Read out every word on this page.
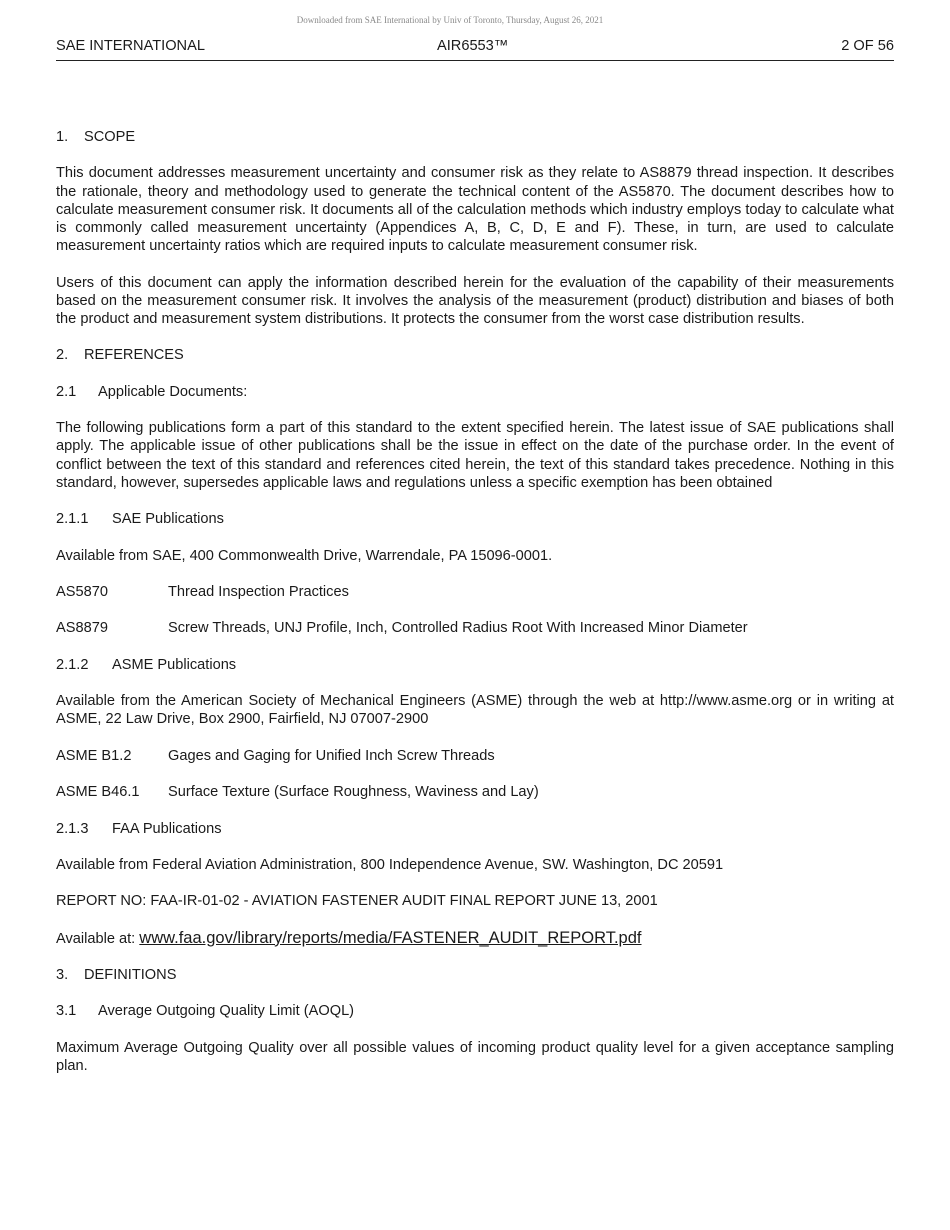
Downloaded from SAE International by Univ of Toronto, Thursday, August 26, 2021
SAE INTERNATIONAL	AIR6553™	2 OF 56

1. SCOPE

This document addresses measurement uncertainty and consumer risk as they relate to AS8879 thread inspection. It describes the rationale, theory and methodology used to generate the technical content of the AS5870. The document describes how to calculate measurement consumer risk. It documents all of the calculation methods which industry employs today to calculate what is commonly called measurement uncertainty (Appendices A, B, C, D, E and F). These, in turn, are used to calculate measurement uncertainty ratios which are required inputs to calculate measurement consumer risk.

Users of this document can apply the information described herein for the evaluation of the capability of their measurements based on the measurement consumer risk. It involves the analysis of the measurement (product) distribution and biases of both the product and measurement system distributions. It protects the consumer from the worst case distribution results.

2. REFERENCES

2.1 Applicable Documents:

The following publications form a part of this standard to the extent specified herein. The latest issue of SAE publications shall apply. The applicable issue of other publications shall be the issue in effect on the date of the purchase order. In the event of conflict between the text of this standard and references cited herein, the text of this standard takes precedence. Nothing in this standard, however, supersedes applicable laws and regulations unless a specific exemption has been obtained

2.1.1 SAE Publications

Available from SAE, 400 Commonwealth Drive, Warrendale, PA 15096-0001.

AS5870	Thread Inspection Practices

AS8879	Screw Threads, UNJ Profile, Inch, Controlled Radius Root With Increased Minor Diameter

2.1.2 ASME Publications

Available from the American Society of Mechanical Engineers (ASME) through the web at http://www.asme.org or in writing at ASME, 22 Law Drive, Box 2900, Fairfield, NJ 07007-2900

ASME B1.2	Gages and Gaging for Unified Inch Screw Threads

ASME B46.1 Surface Texture (Surface Roughness, Waviness and Lay)

2.1.3 FAA Publications

Available from Federal Aviation Administration, 800 Independence Avenue, SW. Washington, DC 20591

REPORT NO: FAA-IR-01-02 - AVIATION FASTENER AUDIT FINAL REPORT JUNE 13, 2001

Available at: www.faa.gov/library/reports/media/FASTENER_AUDIT_REPORT.pdf

3. DEFINITIONS

3.1 Average Outgoing Quality Limit (AOQL)

Maximum Average Outgoing Quality over all possible values of incoming product quality level for a given acceptance sampling plan.
